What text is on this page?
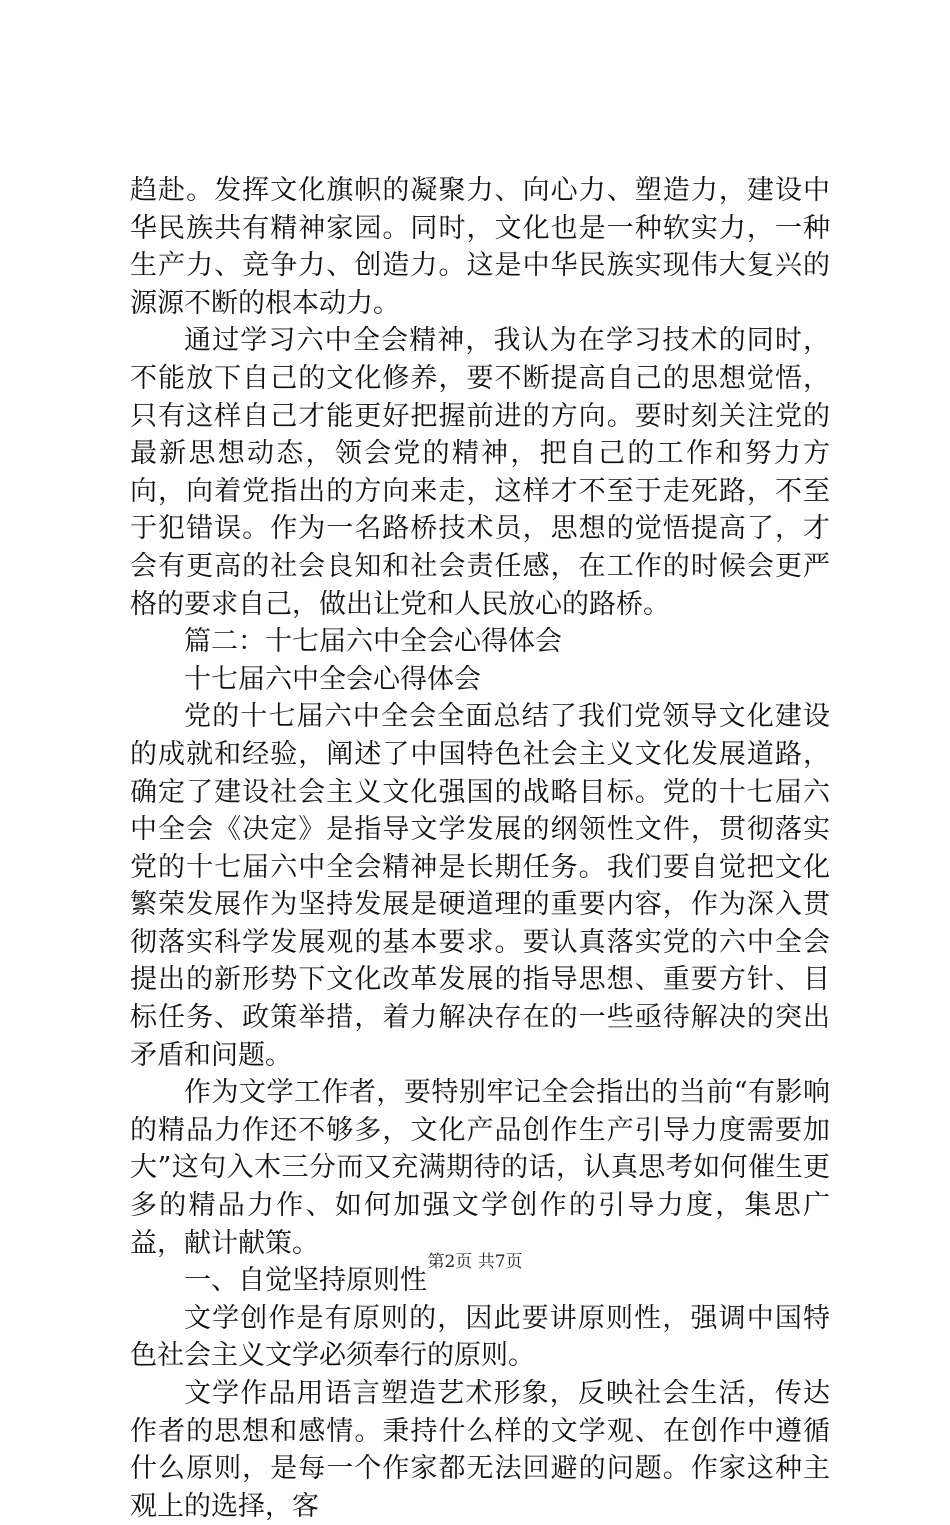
趋赴。发挥文化旗帜的凝聚力、向心力、塑造力，建设中华民族共有精神家园。同时，文化也是一种软实力，一种生产力、竞争力、创造力。这是中华民族实现伟大复兴的源源不断的根本动力。

通过学习六中全会精神，我认为在学习技术的同时，不能放下自己的文化修养，要不断提高自己的思想觉悟，只有这样自己才能更好把握前进的方向。要时刻关注党的最新思想动态，领会党的精神，把自己的工作和努力方向，向着党指出的方向来走，这样才不至于走死路，不至于犯错误。作为一名路桥技术员，思想的觉悟提高了，才会有更高的社会良知和社会责任感，在工作的时候会更严格的要求自己，做出让党和人民放心的路桥。

篇二：十七届六中全会心得体会

十七届六中全会心得体会

党的十七届六中全会全面总结了我们党领导文化建设的成就和经验，阐述了中国特色社会主义文化发展道路，确定了建设社会主义文化强国的战略目标。党的十七届六中全会《决定》是指导文学发展的纲领性文件，贯彻落实党的十七届六中全会精神是长期任务。我们要自觉把文化繁荣发展作为坚持发展是硬道理的重要内容，作为深入贯彻落实科学发展观的基本要求。要认真落实党的六中全会提出的新形势下文化改革发展的指导思想、重要方针、目标任务、政策举措，着力解决存在的一些亟待解决的突出矛盾和问题。

作为文学工作者，要特别牢记全会指出的当前“有影响的精品力作还不够多，文化产品创作生产引导力度需要加大”这句入木三分而又充满期待的话，认真思考如何催生更多的精品力作、如何加强文学创作的引导力度，集思广益，献计献策。

一、自觉坚持原则性

文学创作是有原则的，因此要讲原则性，强调中国特色社会主义文学必须奉行的原则。

文学作品用语言塑造艺术形象，反映社会生活，传达作者的思想和感情。秉持什么样的文学观、在创作中遵循什么原则，是每一个作家都无法回避的问题。作家这种主观上的选择，客

第2页 共7页
